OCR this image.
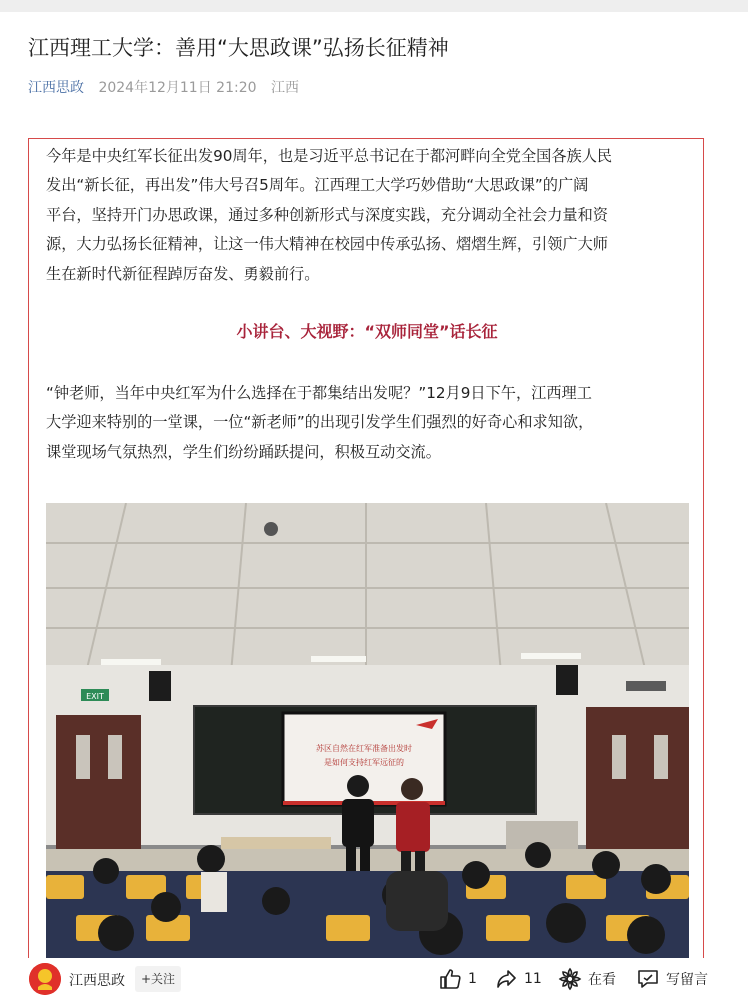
江西理工大学：善用“大思政课”弘扬长征精神
江西思政 2024年12月11日 21:20 江西
今年是中央红军长征出发90周年，也是习近平总书记在于都河畔向全党全国各族人民
发出“新长征，再出发”伟大号召5周年。江西理工大学巧妙借助“大思政课”的广阔
平台，坚持开门办思政课，通过多种创新形式与深度实践，充分调动全社会力量和资
源，大力弘扬长征精神，让这一伟大精神在校园中传承弘扬、熠熠生辉，引领广大师
生在新时代新征程踔厉奋发、勇毅前行。
小讲台、大视野：“双师同堂”话长征
“钟老师，当年中央红军为什么选择在于都集结出发呢？”12月9日下午，江西理工
大学迎来特别的一堂课，一位“新老师”的出现引发学生们强烈的好奇心和求知欲，
课堂现场气氛热烈，学生们纷纷踊跃提问，积极互动交流。
EXIT
苏区自然在红军准备出发时
是如何支持红军远征的
江西思政	+关注	1	11	在看	写留言
